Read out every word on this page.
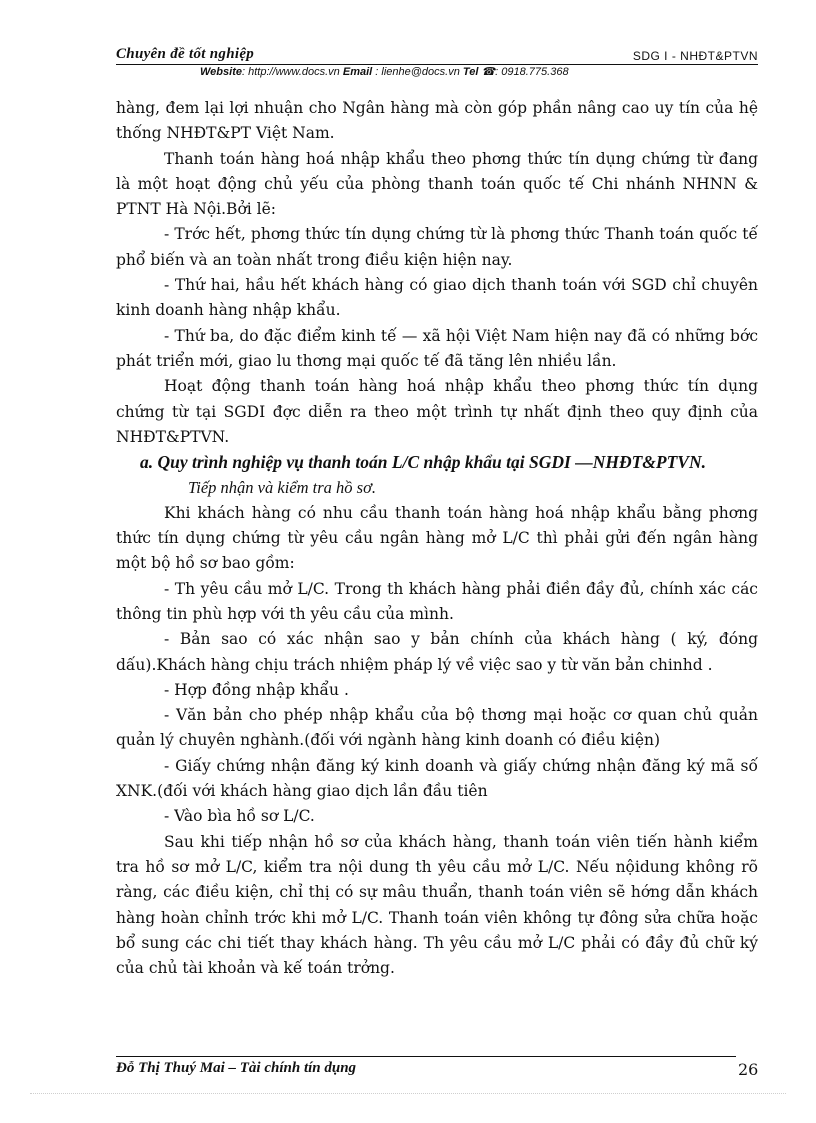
Chuyên đề tốt nghiệp	SDG I - NHĐT&PTVN
Website: http://www.docs.vn Email : lienhe@docs.vn Tel ☎: 0918.775.368

hàng, đem lại lợi nhuận cho Ngân hàng mà còn góp phần nâng cao uy tín của hệ thống NHĐT&PT Việt Nam.

Thanh toán hàng hoá nhập khẩu theo phơng thức tín dụng chứng từ đang là một hoạt động chủ yếu của phòng thanh toán quốc tế Chi nhánh NHNN & PTNT Hà Nội.Bởi lẽ:

- Trớc hết, phơng thức tín dụng chứng từ là phơng thức Thanh toán quốc tế phổ biến và an toàn nhất trong điều kiện hiện nay.

- Thứ hai, hầu hết khách hàng có giao dịch thanh toán với SGD chỉ chuyên kinh doanh hàng nhập khẩu.

- Thứ ba, do đặc điểm kinh tế — xã hội Việt Nam hiện nay đã có những bớc phát triển mới, giao lu thơng mại quốc tế đã tăng lên nhiều lần.

Hoạt động thanh toán hàng hoá nhập khẩu theo phơng thức tín dụng chứng từ tại SGDI đợc diễn ra theo một trình tự nhất định theo quy định của NHĐT&PTVN.

a. Quy trình nghiệp vụ thanh toán L/C nhập khẩu tại SGDI —NHĐT&PTVN.

Tiếp nhận và kiểm tra hồ sơ.

Khi khách hàng có nhu cầu thanh toán hàng hoá nhập khẩu bằng phơng thức tín dụng chứng từ yêu cầu ngân hàng mở L/C thì phải gửi đến ngân hàng một bộ hồ sơ bao gồm:

- Th yêu cầu mở L/C. Trong th khách hàng phải điền đầy đủ, chính xác các thông tin phù hợp với th yêu cầu của mình.

- Bản sao có xác nhận sao y bản chính của khách hàng ( ký, đóng dấu).Khách hàng chịu trách nhiệm pháp lý về việc sao y từ văn bản chinhd .

- Hợp đồng nhập khẩu .

- Văn bản cho phép nhập khẩu của bộ thơng mại hoặc cơ quan chủ quản quản lý chuyên nghành.(đối với ngành hàng kinh doanh có điều kiện)

- Giấy chứng nhận đăng ký kinh doanh và giấy chứng nhận đăng ký mã số XNK.(đối với khách hàng giao dịch lần đầu tiên

- Vào bìa hồ sơ L/C.

Sau khi tiếp nhận hồ sơ của khách hàng, thanh toán viên tiến hành kiểm tra hồ sơ mở L/C, kiểm tra nội dung th yêu cầu mở L/C. Nếu nộidung không rõ ràng, các điều kiện, chỉ thị có sự mâu thuẩn, thanh toán viên sẽ hớng dẫn khách hàng hoàn chỉnh trớc khi mở L/C. Thanh toán viên không tự đông sửa chữa hoặc bổ sung các chi tiết thay khách hàng. Th yêu cầu mở L/C phải có đầy đủ chữ ký của chủ tài khoản và kế toán trởng.

Đỗ Thị Thuý Mai – Tài chính tín dụng	26
